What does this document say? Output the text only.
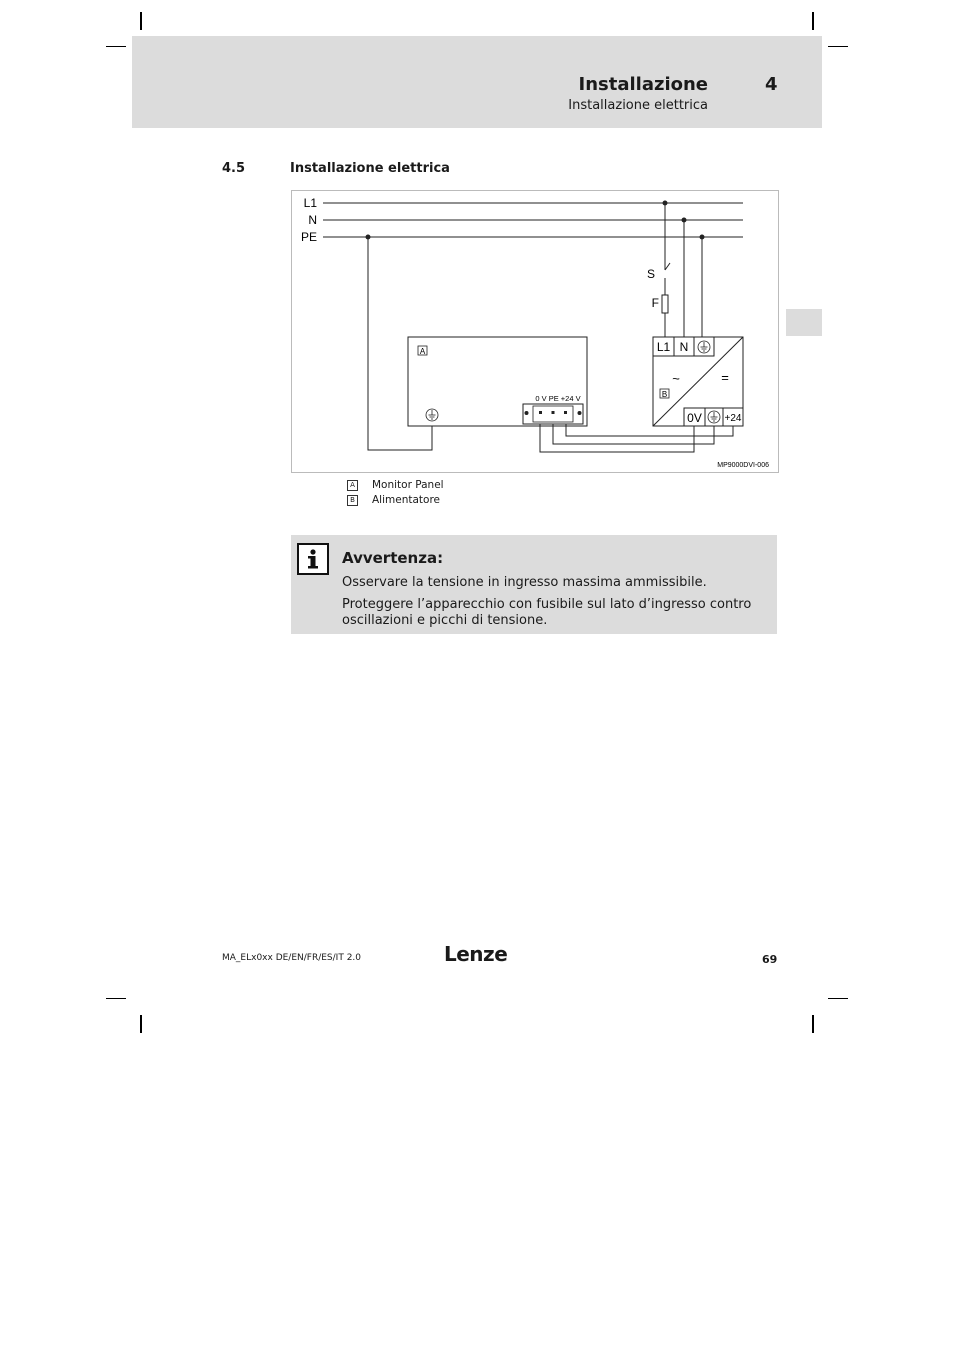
Installazione
Installazione elettrica
4
4.5	Installazione elettrica
L1
N
PE
S
F
A
0 V PE +24 V
L1 N
~	=
B
0V +24
MP9000DVI-006
A Monitor Panel
B Alimentatore
Avvertenza:
Osservare la tensione in ingresso massima ammissibile.
Proteggere l’apparecchio con fusibile sul lato d’ingresso contro oscillazioni e picchi di tensione.
MA_ELx0xx DE/EN/FR/ES/IT 2.0	Lenze	69
